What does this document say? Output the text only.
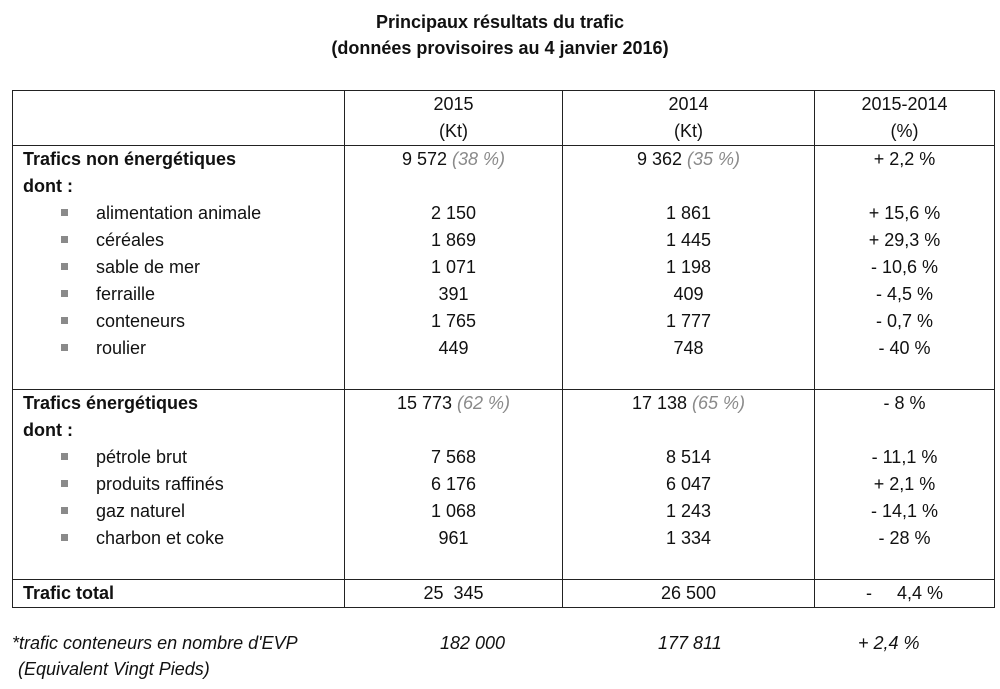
Principaux résultats du trafic
(données provisoires au 4 janvier 2016)
	2015	2014	2015-2014
	(Kt)	(Kt)	(%)
Trafics non énergétiques	9 572 (38 %)	9 362 (35 %)	+ 2,2 %
dont :			
alimentation animale	2 150	1 861	+ 15,6 %
céréales	1 869	1 445	+ 29,3 %
sable de mer	1 071	1 198	- 10,6 %
ferraille	391	409	- 4,5 %
conteneurs	1 765	1 777	- 0,7 %
roulier	449	748	- 40 %

Trafics énergétiques	15 773 (62 %)	17 138 (65 %)	- 8 %
dont :			
pétrole brut	7 568	8 514	- 11,1 %
produits raffinés	6 176	6 047	+ 2,1 %
gaz naturel	1 068	1 243	- 14,1 %
charbon et coke	961	1 334	- 28 %

Trafic total	25  345	26 500	-     4,4 %
*trafic conteneurs en nombre d'EVP
(Equivalent Vingt Pieds)
182 000	177 811	+ 2,4 %
